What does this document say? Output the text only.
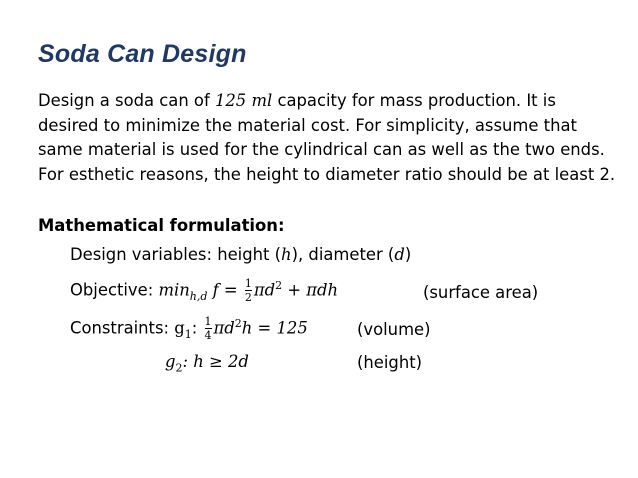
Soda Can Design
Design a soda can of 125 ml capacity for mass production. It is desired to minimize the material cost. For simplicity, assume that same material is used for the cylindrical can as well as the two ends. For esthetic reasons, the height to diameter ratio should be at least 2.
Mathematical formulation:
Design variables: height (h), diameter (d)
Objective: $\min_{h,d} f = \frac{1}{2} \pi d^2 + \pi dh$	(surface area)
Constraints: $g_1$: $\frac{1}{4} \pi d^2h = 125$	(volume)
$g_2$: h ≥ 2d	(height)
